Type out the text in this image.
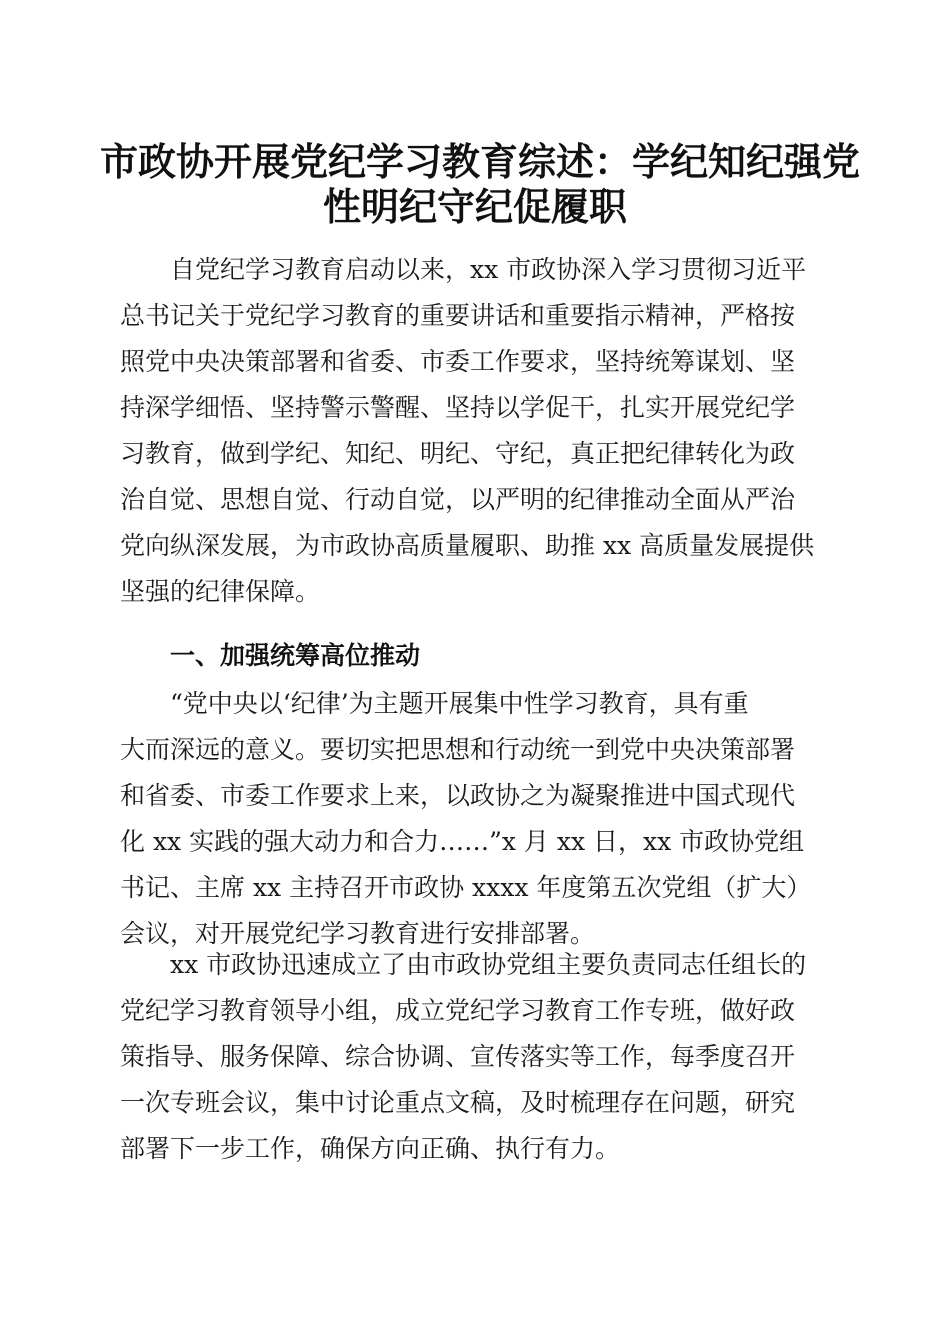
市政协开展党纪学习教育综述：学纪知纪强党
性明纪守纪促履职
自党纪学习教育启动以来，xx 市政协深入学习贯彻习近平
总书记关于党纪学习教育的重要讲话和重要指示精神，严格按
照党中央决策部署和省委、市委工作要求，坚持统筹谋划、坚
持深学细悟、坚持警示警醒、坚持以学促干，扎实开展党纪学
习教育，做到学纪、知纪、明纪、守纪，真正把纪律转化为政
治自觉、思想自觉、行动自觉，以严明的纪律推动全面从严治
党向纵深发展，为市政协高质量履职、助推 xx 高质量发展提供
坚强的纪律保障。
一、加强统筹高位推动
“党中央以‘纪律’为主题开展集中性学习教育，具有重
大而深远的意义。要切实把思想和行动统一到党中央决策部署
和省委、市委工作要求上来，以政协之为凝聚推进中国式现代
化 xx 实践的强大动力和合力……”x 月 xx 日，xx 市政协党组
书记、主席 xx 主持召开市政协 xxxx 年度第五次党组（扩大）
会议，对开展党纪学习教育进行安排部署。
xx 市政协迅速成立了由市政协党组主要负责同志任组长的
党纪学习教育领导小组，成立党纪学习教育工作专班，做好政
策指导、服务保障、综合协调、宣传落实等工作，每季度召开
一次专班会议，集中讨论重点文稿，及时梳理存在问题，研究
部署下一步工作，确保方向正确、执行有力。
